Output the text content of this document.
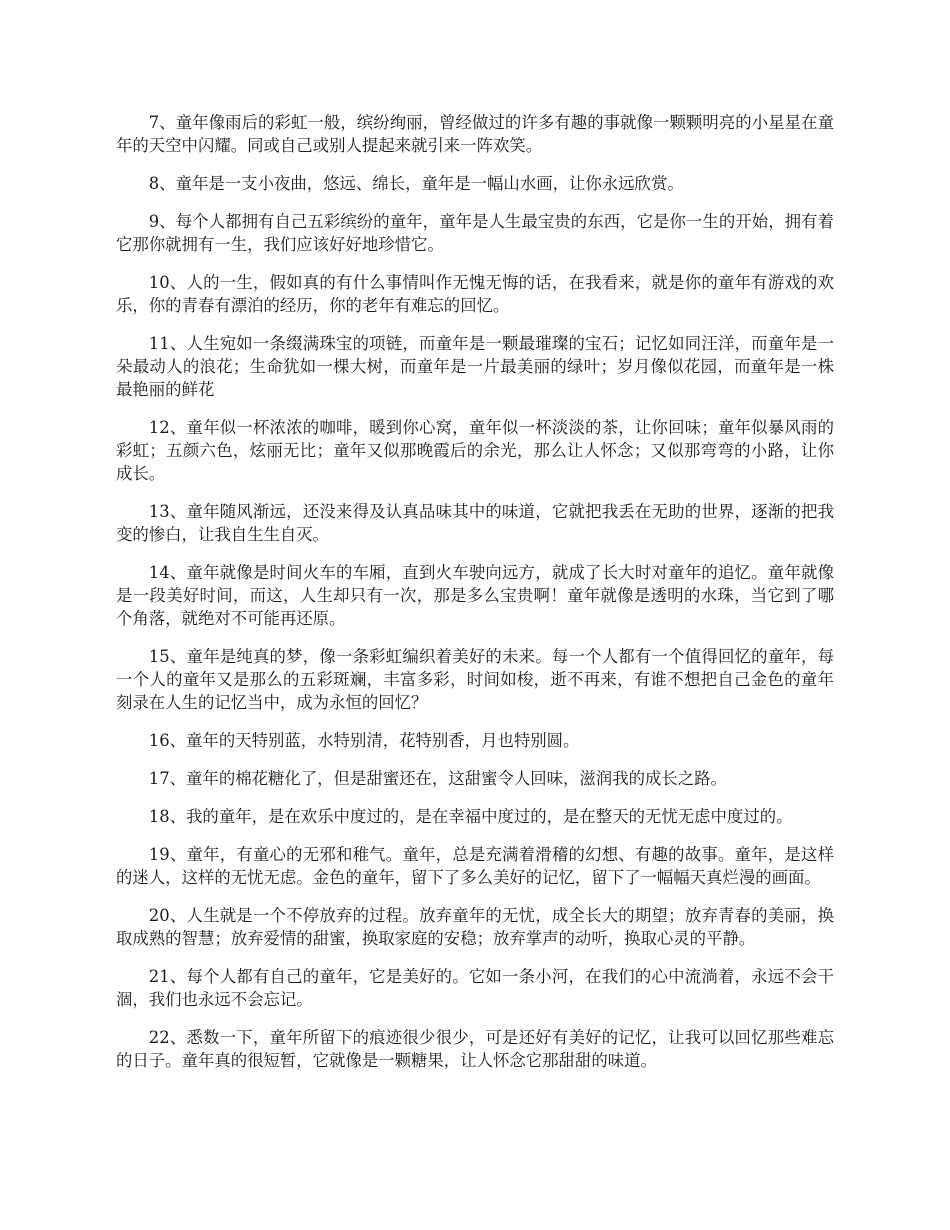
7、童年像雨后的彩虹一般，缤纷绚丽，曾经做过的许多有趣的事就像一颗颗明亮的小星星在童年的天空中闪耀。同或自己或别人提起来就引来一阵欢笑。

8、童年是一支小夜曲，悠远、绵长，童年是一幅山水画，让你永远欣赏。

9、每个人都拥有自己五彩缤纷的童年，童年是人生最宝贵的东西，它是你一生的开始，拥有着它那你就拥有一生，我们应该好好地珍惜它。

10、人的一生，假如真的有什么事情叫作无愧无悔的话，在我看来，就是你的童年有游戏的欢乐，你的青春有漂泊的经历，你的老年有难忘的回忆。

11、人生宛如一条缀满珠宝的项链，而童年是一颗最璀璨的宝石；记忆如同汪洋，而童年是一朵最动人的浪花；生命犹如一棵大树，而童年是一片最美丽的绿叶；岁月像似花园，而童年是一株最艳丽的鲜花

12、童年似一杯浓浓的咖啡，暖到你心窝，童年似一杯淡淡的茶，让你回味；童年似暴风雨的彩虹；五颜六色，炫丽无比；童年又似那晚霞后的余光，那么让人怀念；又似那弯弯的小路，让你成长。

13、童年随风渐远，还没来得及认真品味其中的味道，它就把我丢在无助的世界，逐渐的把我变的惨白，让我自生生自灭。

14、童年就像是时间火车的车厢，直到火车驶向远方，就成了长大时对童年的追忆。童年就像是一段美好时间，而这，人生却只有一次，那是多么宝贵啊！童年就像是透明的水珠，当它到了哪个角落，就绝对不可能再还原。

15、童年是纯真的梦，像一条彩虹编织着美好的未来。每一个人都有一个值得回忆的童年，每一个人的童年又是那么的五彩斑斓，丰富多彩，时间如梭，逝不再来，有谁不想把自己金色的童年刻录在人生的记忆当中，成为永恒的回忆？

16、童年的天特别蓝，水特别清，花特别香，月也特别圆。

17、童年的棉花糖化了，但是甜蜜还在，这甜蜜令人回味，滋润我的成长之路。

18、我的童年，是在欢乐中度过的，是在幸福中度过的，是在整天的无忧无虑中度过的。

19、童年，有童心的无邪和稚气。童年，总是充满着滑稽的幻想、有趣的故事。童年，是这样的迷人，这样的无忧无虑。金色的童年，留下了多么美好的记忆，留下了一幅幅天真烂漫的画面。

20、人生就是一个不停放弃的过程。放弃童年的无忧，成全长大的期望；放弃青春的美丽，换取成熟的智慧；放弃爱情的甜蜜，换取家庭的安稳；放弃掌声的动听，换取心灵的平静。

21、每个人都有自己的童年，它是美好的。它如一条小河，在我们的心中流淌着，永远不会干涸，我们也永远不会忘记。

22、悉数一下，童年所留下的痕迹很少很少，可是还好有美好的记忆，让我可以回忆那些难忘的日子。童年真的很短暂，它就像是一颗糖果，让人怀念它那甜甜的味道。
